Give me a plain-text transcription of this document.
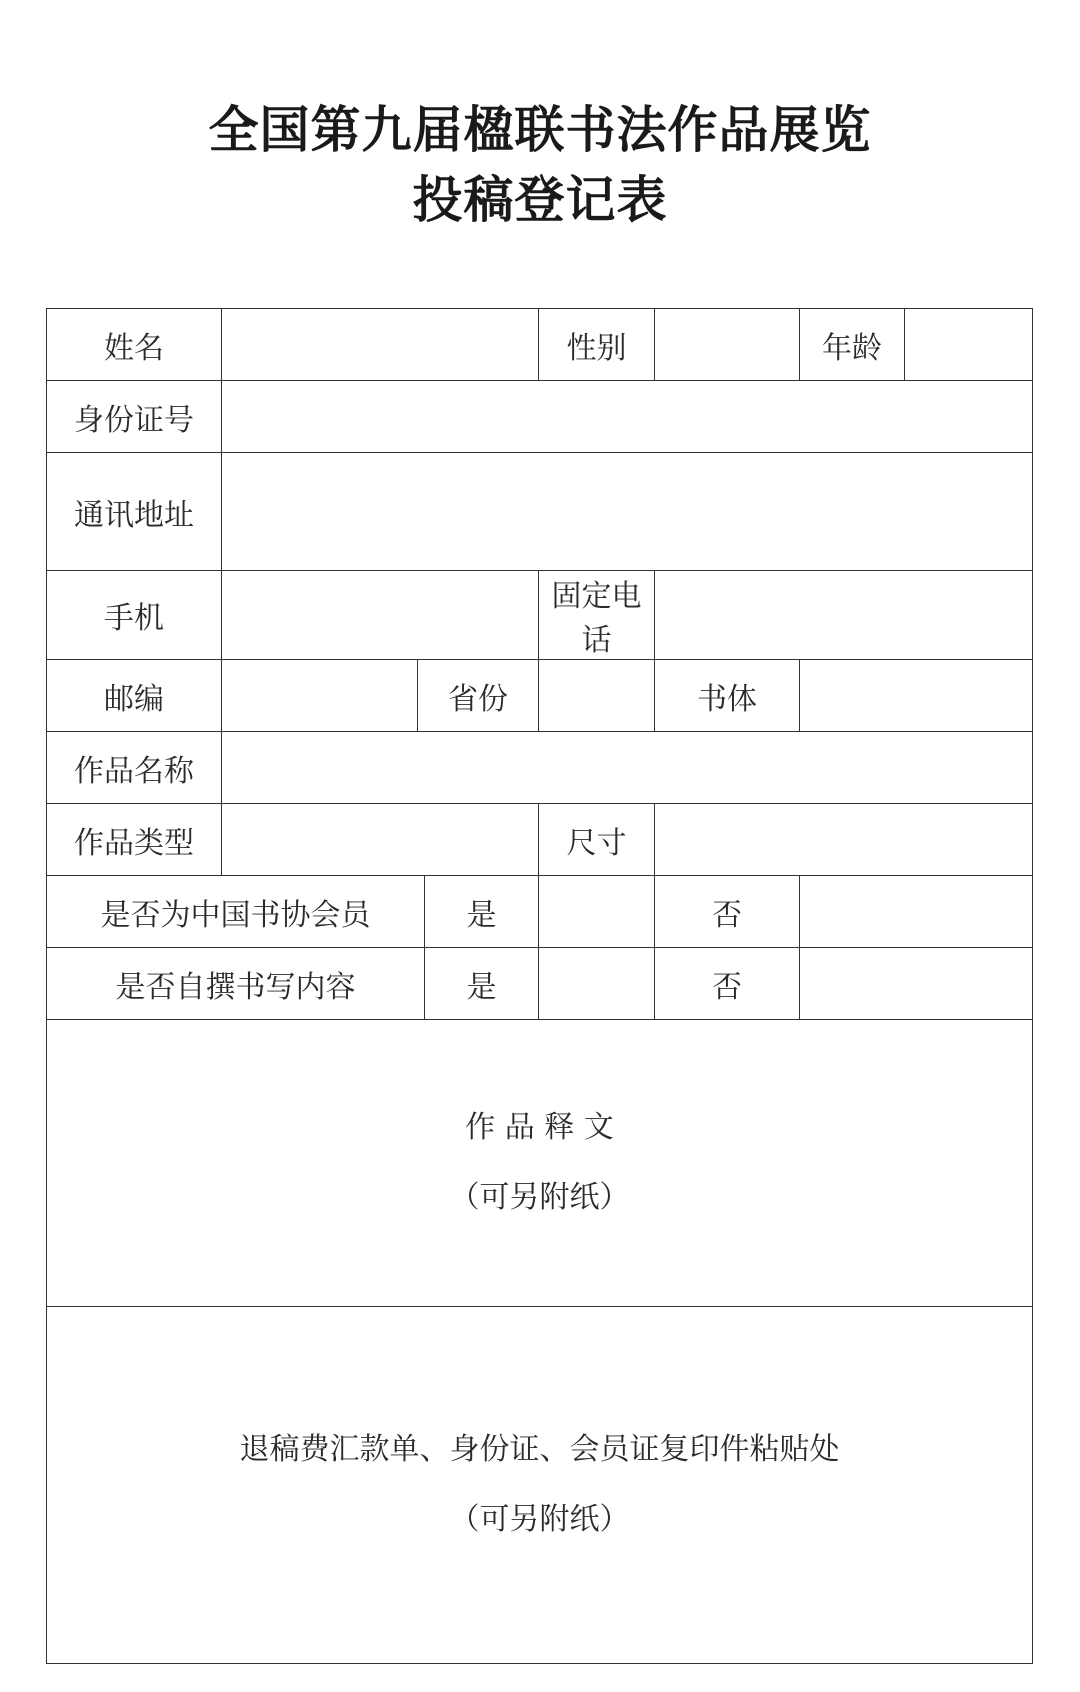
全国第九届楹联书法作品展览
投稿登记表
姓名				性别		年龄	
身份证号							
通讯地址							
手机				固定电话			
邮编		省份			书体		
作品名称							
作品类型				尺寸			
是否为中国书协会员			是		否		
是否自撰书写内容			是		否		

作 品 释 文
（可另附纸）							

退稿费汇款单、身份证、会员证复印件粘贴处
（可另附纸）							
